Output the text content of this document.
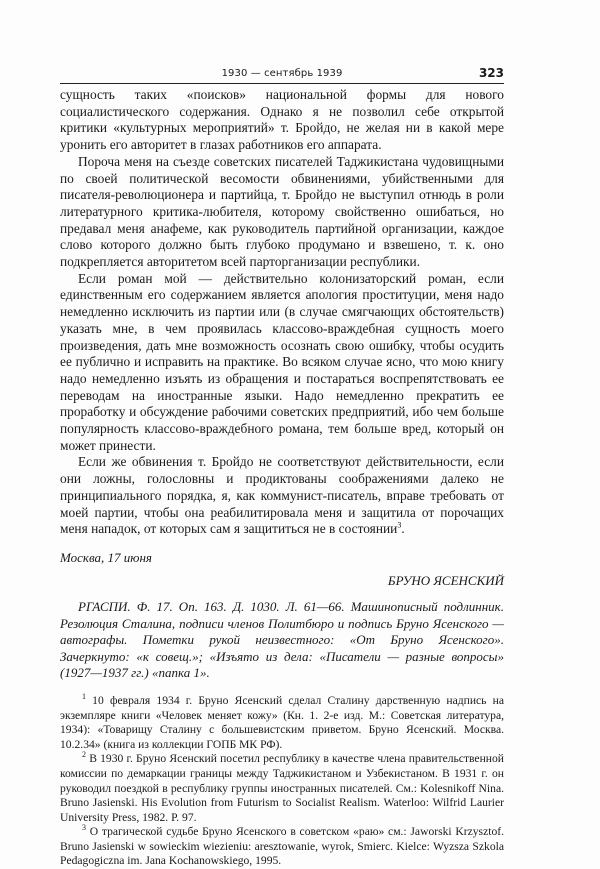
1930 — сентябрь 1939	323

сущность таких «поисков» национальной формы для нового социалистического содержания. Однако я не позволил себе открытой критики «культурных мероприятий» т. Бройдо, не желая ни в какой мере уронить его авторитет в глазах работников его аппарата.

Пороча меня на съезде советских писателей Таджикистана чудовищными по своей политической весомости обвинениями, убийственными для писателя-революционера и партийца, т. Бройдо не выступил отнюдь в роли литературного критика-любителя, которому свойственно ошибаться, но предавал меня анафеме, как руководитель партийной организации, каждое слово которого должно быть глубоко продумано и взвешено, т. к. оно подкрепляется авторитетом всей парторганизации республики.

Если роман мой — действительно колонизаторский роман, если единственным его содержанием является апология проституции, меня надо немедленно исключить из партии или (в случае смягчающих обстоятельств) указать мне, в чем проявилась классово-враждебная сущность моего произведения, дать мне возможность осознать свою ошибку, чтобы осудить ее публично и исправить на практике. Во всяком случае ясно, что мою книгу надо немедленно изъять из обращения и постараться воспрепятствовать ее переводам на иностранные языки. Надо немедленно прекратить ее проработку и обсуждение рабочими советских предприятий, ибо чем больше популярность классово-враждебного романа, тем больше вред, который он может принести.

Если же обвинения т. Бройдо не соответствуют действительности, если они ложны, голословны и продиктованы соображениями далеко не принципиального порядка, я, как коммунист-писатель, вправе требовать от моей партии, чтобы она реабилитировала меня и защитила от порочащих меня нападок, от которых сам я защититься не в состоянии$^3$.

Москва, 17 июня
БРУНО ЯСЕНСКИЙ
РГАСПИ. Ф. 17. Оп. 163. Д. 1030. Л. 61—66. Машинописный подлинник. Резолюция Сталина, подписи членов Политбюро и подпись Бруно Ясенского — автографы. Пометки рукой неизвестного: «От Бруно Ясенского». Зачеркнуто: «к совещ.»; «Изъято из дела: «Писатели — разные вопросы» (1927—1937 гг.) «папка 1».

$^1$ 10 февраля 1934 г. Бруно Ясенский сделал Сталину дарственную надпись на экземпляре книги «Человек меняет кожу» (Кн. 1. 2-е изд. М.: Советская литература, 1934): «Товарищу Сталину с большевистским приветом. Бруно Ясенский. Москва. 10.2.34» (книга из коллекции ГОПБ МК РФ).

$^2$ В 1930 г. Бруно Ясенский посетил республику в качестве члена правительственной комиссии по демаркации границы между Таджикистаном и Узбекистаном. В 1931 г. он руководил поездкой в республику группы иностранных писателей. См.: Kolesnikoff Nina. Bruno Jasienski. His Evolution from Futurism to Socialist Realism. Waterloo: Wilfrid Laurier University Press, 1982. P. 97.

$^3$ О трагической судьбе Бруно Ясенского в советском «раю» см.: Jaworski Krzysztof. Bruno Jasienski w sowieckim wiezieniu: aresztowanie, wyrok, Smierc. Kielce: Wyzsza Szkola Pedagogiczna im. Jana Kochanowskiego, 1995.
